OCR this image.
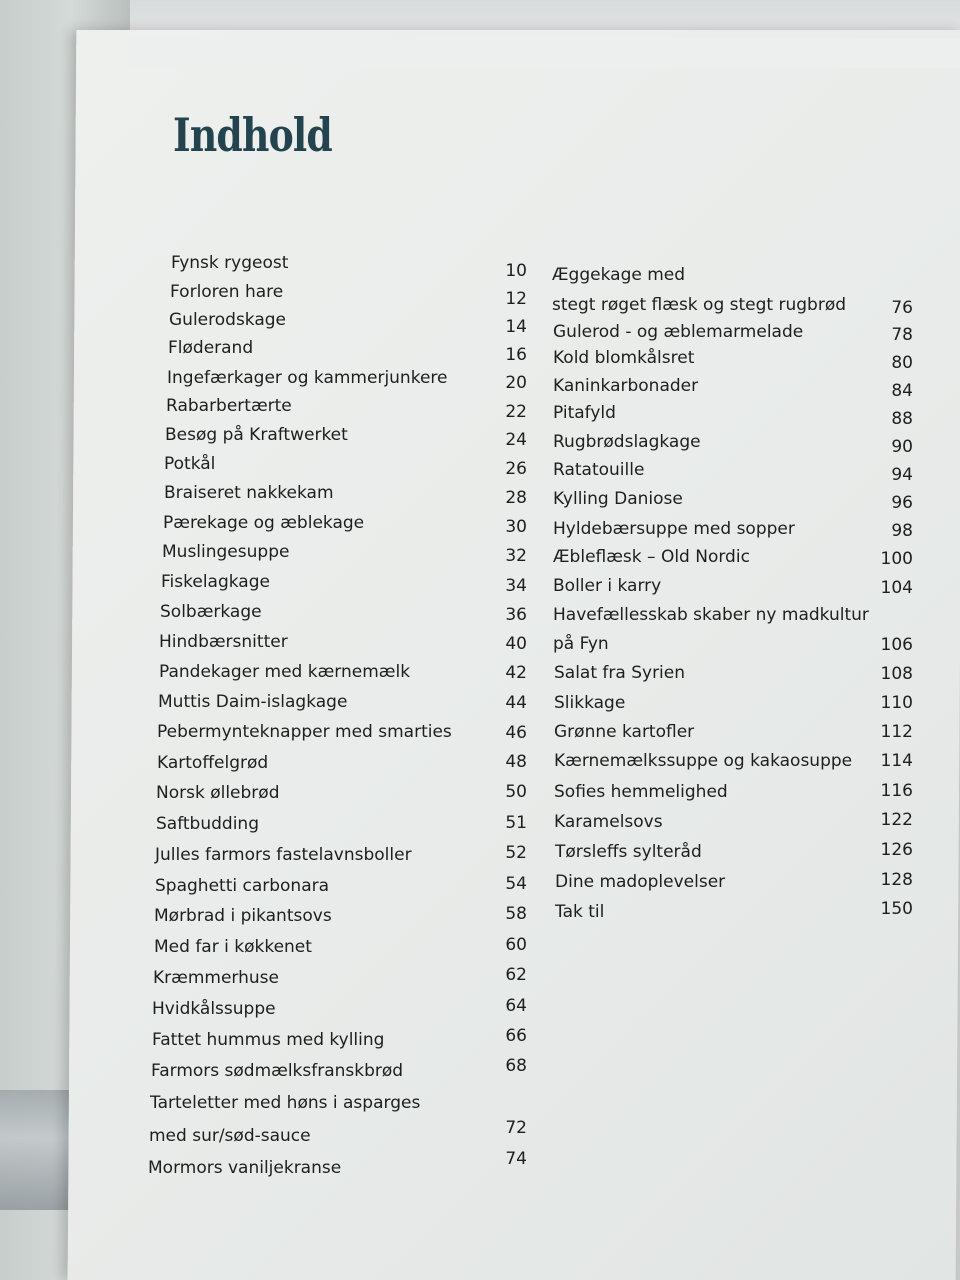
Indhold
Fynsk rygeost	10
Forloren hare	12
Gulerodskage	14
Fløderand	16
Ingefærkager og kammerjunkere	20
Rabarbertærte	22
Besøg på Kraftwerket	24
Potkål	26
Braiseret nakkekam	28
Pærekage og æblekage	30
Muslingesuppe	32
Fiskelagkage	34
Solbærkage	36
Hindbærsnitter	40
Pandekager med kærnemælk	42
Muttis Daim-islagkage	44
Pebermynteknapper med smarties	46
Kartoffelgrød	48
Norsk øllebrød	50
Saftbudding	51
Julles farmors fastelavnsboller	52
Spaghetti carbonara	54
Mørbrad i pikantsovs	58
Med far i køkkenet	60
Kræmmerhuse	62
Hvidkålssuppe	64
Fattet hummus med kylling	66
Farmors sødmælksfranskbrød	68
Tarteletter med høns i asparges
med sur/sød-sauce	72
Mormors vaniljekranse	74
Æggekage med
stegt røget flæsk og stegt rugbrød	76
Gulerod - og æblemarmelade	78
Kold blomkålsret	80
Kaninkarbonader	84
Pitafyld	88
Rugbrødslagkage	90
Ratatouille	94
Kylling Daniose	96
Hyldebærsuppe med sopper	98
Æbleflæsk – Old Nordic	100
Boller i karry	104
Havefællesskab skaber ny madkultur
på Fyn	106
Salat fra Syrien	108
Slikkage	110
Grønne kartofler	112
Kærnemælkssuppe og kakaosuppe	114
Sofies hemmelighed	116
Karamelsovs	122
Tørsleffs sylteråd	126
Dine madoplevelser	128
Tak til	150
